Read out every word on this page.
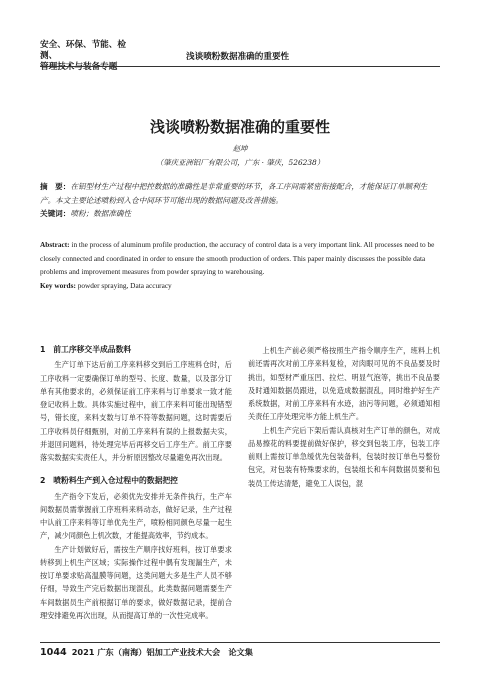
安全、环保、节能、检测、
管理技术与装备专题
浅谈喷粉数据准确的重要性
浅谈喷粉数据准确的重要性
赵坤
（肇庆亚洲铝厂有限公司，广东 · 肇庆，526238）
摘　要：在铝型材生产过程中把控数据的准确性是非常重要的环节，各工序间需紧密衔接配合，才能保证订单顺利生产。本文主要论述喷粉到入仓中间环节可能出现的数据问题及改善措施。
关键词：喷粉；数据准确性
Abstract: in the process of aluminum profile production, the accuracy of control data is a very important link. All processes need to be closely connected and coordinated in order to ensure the smooth production of orders. This paper mainly discusses the possible data problems and improvement measures from powder spraying to warehousing.
Key words: powder spraying, Data accuracy
1　前工序移交半成品数料

生产订单下达后前工序来料移交到后工序班料仓时，后工序收料一定要确保订单的型号、长度、数量，以及部分订单有其他要求的，必须保证前工序来料与订单要求一致才能登记收料上数。具体实施过程中，前工序来料可能出现错型号，错长度，来料支数与订单不符等数据问题，这时需要后工序收料员仔细甄别，对前工序来料有误的上报数据夫实，并退回问题料，待处理完毕后再移交后工序生产。前工序要落实数据实实责任人，并分析原因整改尽量避免再次出现。

2　喷粉料生产到入仓过程中的数据把控

生产指令下发后，必须优先安排并无条件执行，生产车间数据员需掌握前工序班料来料动态，做好记录，生产过程中认前工序来料等订单优先生产，喷粉相同颜色尽量一起生产，减少同颜色上机次数，才能提高效率，节约成本。

生产计划做好后，需按生产顺序找好班料，按订单要求转移到上机生产区域；实际操作过程中偶有发现漏生产，未按订单要求贴高温膜等问题，这类问题大多是生产人员不够仔细，导致生产完后数据出现混乱，此类数据问题需要生产车间数据员生产前根据订单的要求，做好数据记录，提前合理安排避免再次出现，从而提高订单的一次性完成率。

上机生产前必须严格按照生产指令顺序生产，班料上机前还需再次对前工序来料复检，对肉眼可见的不良品要及时挑出，如型材严重压凹、拉烂、明显气泡等，挑出不良品要及时通知数据员跟进，以免造成数据混乱，同时维护好生产系统数据，对前工序来料有水迹，油污等问题，必须通知相关责任工序处理完毕方能上机生产。

上机生产完后下架后需认真核对生产订单的颜色，对成品易擦花的料要提前做好保护，移交到包装工序，包装工序前则上需按订单急缓优先包装备料，包装时按订单色号整份包完，对包装有特殊要求的，包装组长和车间数据员要和包装员工传达清楚，避免工人误包，混

1044 2021 广东（南海）铝加工产业技术大会　论文集
